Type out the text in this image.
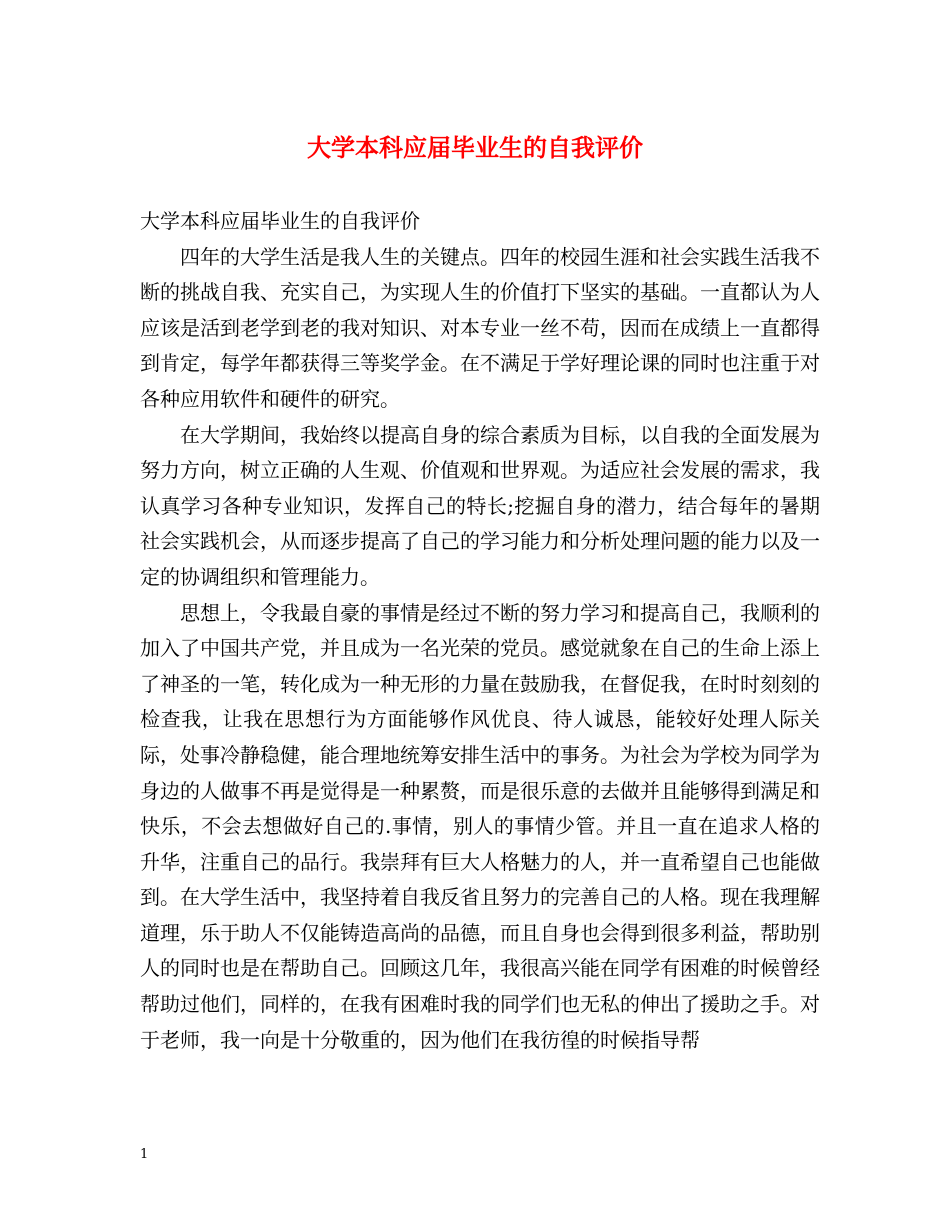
大学本科应届毕业生的自我评价

大学本科应届毕业生的自我评价

四年的大学生活是我人生的关键点。四年的校园生涯和社会实践生活我不断的挑战自我、充实自己，为实现人生的价值打下坚实的基础。一直都认为人应该是活到老学到老的我对知识、对本专业一丝不苟，因而在成绩上一直都得到肯定，每学年都获得三等奖学金。在不满足于学好理论课的同时也注重于对各种应用软件和硬件的研究。

在大学期间，我始终以提高自身的综合素质为目标，以自我的全面发展为努力方向，树立正确的人生观、价值观和世界观。为适应社会发展的需求，我认真学习各种专业知识，发挥自己的特长;挖掘自身的潜力，结合每年的暑期社会实践机会，从而逐步提高了自己的学习能力和分析处理问题的能力以及一定的协调组织和管理能力。

思想上，令我最自豪的事情是经过不断的努力学习和提高自己，我顺利的加入了中国共产党，并且成为一名光荣的党员。感觉就象在自己的生命上添上了神圣的一笔，转化成为一种无形的力量在鼓励我，在督促我，在时时刻刻的检查我，让我在思想行为方面能够作风优良、待人诚恳，能较好处理人际关际，处事冷静稳健，能合理地统筹安排生活中的事务。为社会为学校为同学为身边的人做事不再是觉得是一种累赘，而是很乐意的去做并且能够得到满足和快乐，不会去想做好自己的.事情，别人的事情少管。并且一直在追求人格的升华，注重自己的品行。我崇拜有巨大人格魅力的人，并一直希望自己也能做到。在大学生活中，我坚持着自我反省且努力的完善自己的人格。现在我理解道理，乐于助人不仅能铸造高尚的品德，而且自身也会得到很多利益，帮助别人的同时也是在帮助自己。回顾这几年，我很高兴能在同学有困难的时候曾经帮助过他们，同样的，在我有困难时我的同学们也无私的伸出了援助之手。对于老师，我一向是十分敬重的，因为他们在我彷徨的时候指导帮

1
